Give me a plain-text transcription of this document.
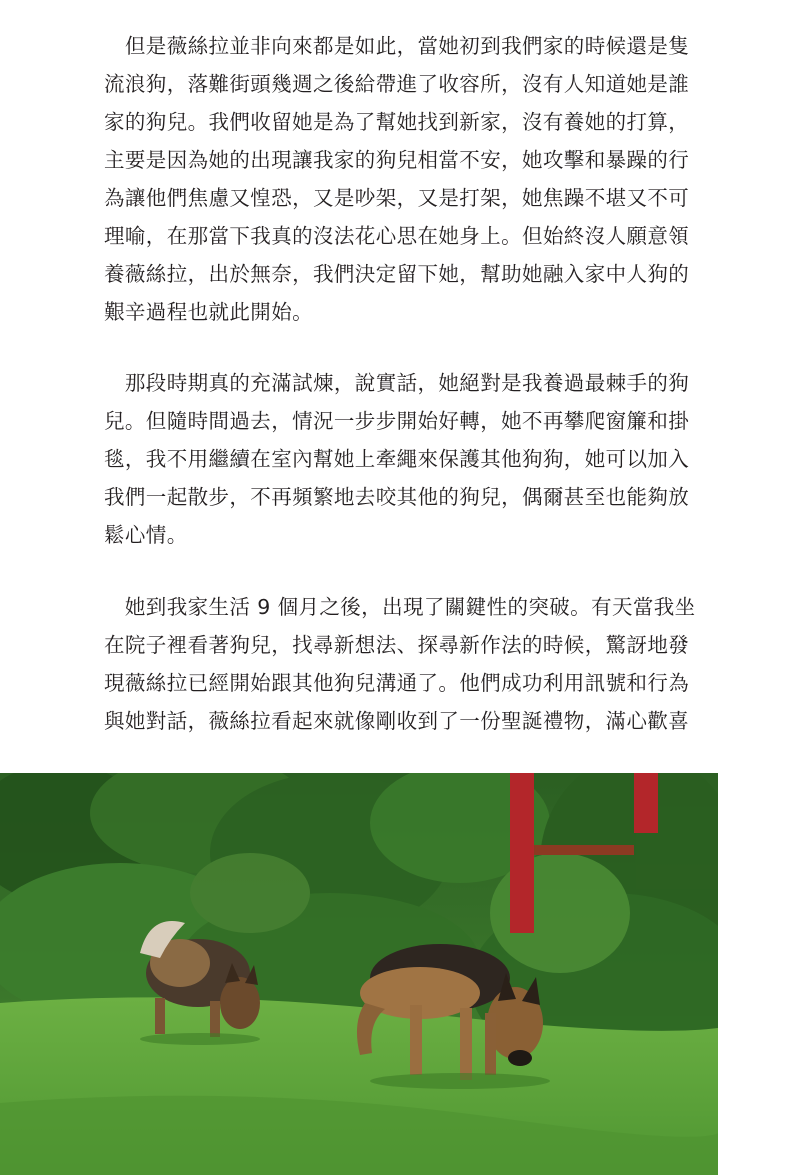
　但是薇絲拉並非向來都是如此，當她初到我們家的時候還是隻
流浪狗，落難街頭幾週之後給帶進了收容所，沒有人知道她是誰
家的狗兒。我們收留她是為了幫她找到新家，沒有養她的打算，
主要是因為她的出現讓我家的狗兒相當不安，她攻擊和暴躁的行
為讓他們焦慮又惶恐，又是吵架，又是打架，她焦躁不堪又不可
理喻，在那當下我真的沒法花心思在她身上。但始終沒人願意領
養薇絲拉，出於無奈，我們決定留下她，幫助她融入家中人狗的
艱辛過程也就此開始。
　那段時期真的充滿試煉，說實話，她絕對是我養過最棘手的狗
兒。但隨時間過去，情況一步步開始好轉，她不再攀爬窗簾和掛
毯，我不用繼續在室內幫她上牽繩來保護其他狗狗，她可以加入
我們一起散步，不再頻繁地去咬其他的狗兒，偶爾甚至也能夠放
鬆心情。
　她到我家生活 9 個月之後，出現了關鍵性的突破。有天當我坐
在院子裡看著狗兒，找尋新想法、探尋新作法的時候，驚訝地發
現薇絲拉已經開始跟其他狗兒溝通了。他們成功利用訊號和行為
與她對話，薇絲拉看起來就像剛收到了一份聖誕禮物，滿心歡喜
